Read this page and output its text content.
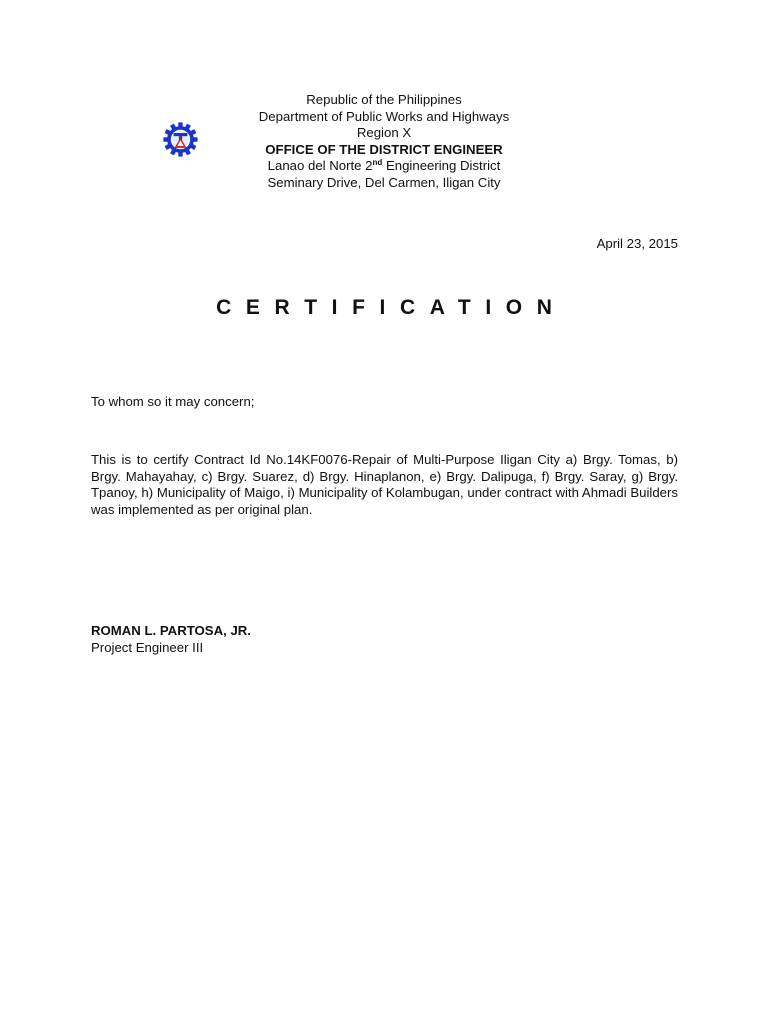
Republic of the Philippines
Department of Public Works and Highways
Region X
OFFICE OF THE DISTRICT ENGINEER
Lanao del Norte 2nd Engineering District
Seminary Drive, Del Carmen, Iligan City
April 23, 2015
CERTIFICATION
To whom so it may concern;
This is to certify Contract Id No.14KF0076-Repair of Multi-Purpose Iligan City a) Brgy. Tomas, b) Brgy. Mahayahay, c) Brgy. Suarez, d) Brgy. Hinaplanon, e) Brgy. Dalipuga, f) Brgy. Saray, g) Brgy. Tpanoy, h) Municipality of Maigo, i) Municipality of Kolambugan, under contract with Ahmadi Builders was implemented as per original plan.
ROMAN L. PARTOSA, JR.
Project Engineer III
